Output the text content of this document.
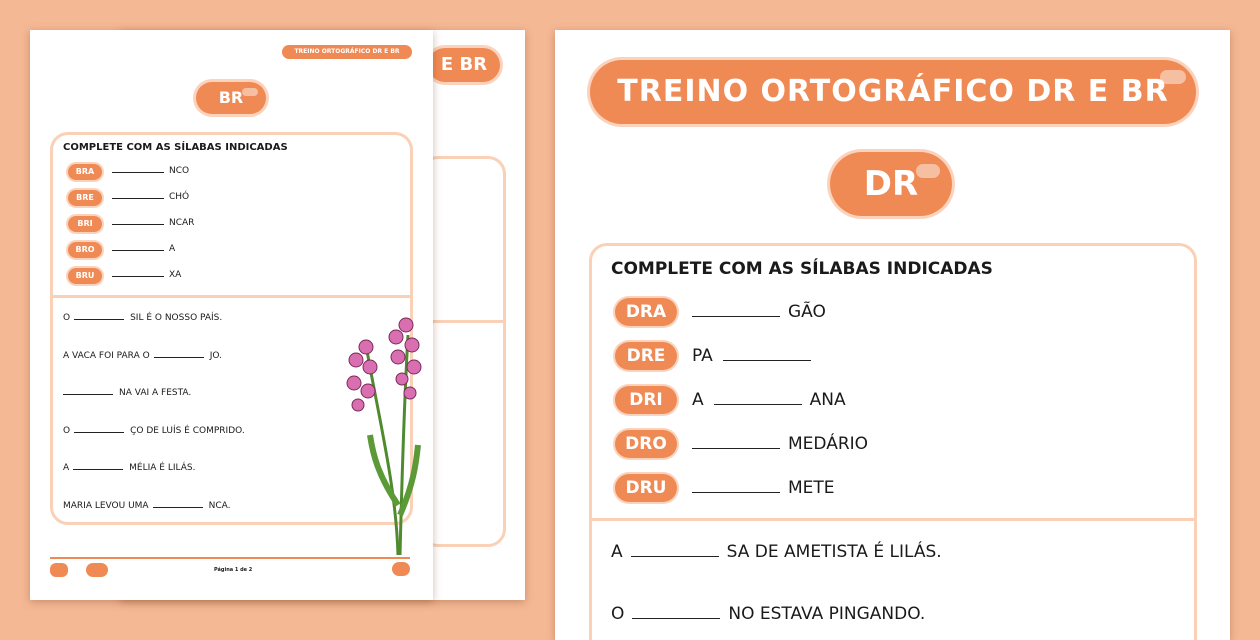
E BR
TREINO ORTOGRÁFICO DR E BR
BR
COMPLETE COM AS SÍLABAS INDICADAS
BRA	NCO
BRE	CHÓ
BRI	NCAR
BRO	A
BRU	XA
O	SIL É O NOSSO PAÍS.
A VACA FOI PARA O	JO.
NA VAI A FESTA.
O	ÇO DE LUÍS É COMPRIDO.
A	MÉLIA É LILÁS.
MARIA LEVOU UMA	NCA.
Página 1 de 2
TREINO ORTOGRÁFICO DR E BR
DR
COMPLETE COM AS SÍLABAS INDICADAS
DRA	GÃO
DRE	PA
DRI	A	ANA
DRO	MEDÁRIO
DRU	METE
A	SA DE AMETISTA É LILÁS.
O	NO ESTAVA PINGANDO.
